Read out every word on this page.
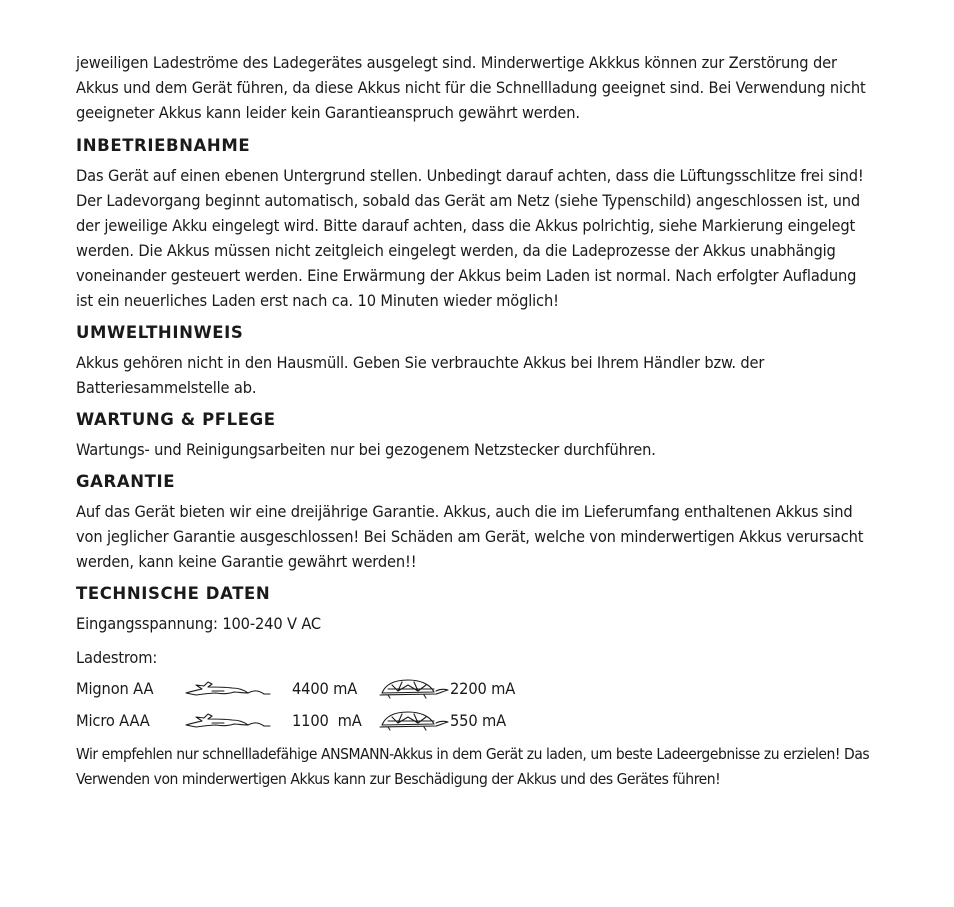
jeweiligen Ladeströme des Ladegerätes ausgelegt sind. Minderwertige Akkkus können zur Zerstörung der Akkus und dem Gerät führen, da diese Akkus nicht für die Schnellladung geeignet sind. Bei Verwendung nicht geeigneter Akkus kann leider kein Garantieanspruch gewährt werden.

INBETRIEBNAHME

Das Gerät auf einen ebenen Untergrund stellen. Unbedingt darauf achten, dass die Lüftungsschlitze frei sind! Der Ladevorgang beginnt automatisch, sobald das Gerät am Netz (siehe Typenschild) angeschlossen ist, und der jeweilige Akku eingelegt wird. Bitte darauf achten, dass die Akkus polrichtig, siehe Markierung eingelegt werden. Die Akkus müssen nicht zeitgleich eingelegt werden, da die Ladeprozesse der Akkus unabhängig voneinander gesteuert werden. Eine Erwärmung der Akkus beim Laden ist normal. Nach erfolgter Aufladung ist ein neuerliches Laden erst nach ca. 10 Minuten wieder möglich!

UMWELTHINWEIS

Akkus gehören nicht in den Hausmüll. Geben Sie verbrauchte Akkus bei Ihrem Händler bzw. der Batteriesammelstelle ab.

WARTUNG & PFLEGE

Wartungs- und Reinigungsarbeiten nur bei gezogenem Netzstecker durchführen.

GARANTIE

Auf das Gerät bieten wir eine dreijährige Garantie. Akkus, auch die im Lieferumfang enthaltenen Akkus sind von jeglicher Garantie ausgeschlossen! Bei Schäden am Gerät, welche von minderwertigen Akkus verursacht werden, kann keine Garantie gewährt werden!!

TECHNISCHE DATEN

Eingangsspannung: 100-240 V AC

Ladestrom:

Mignon AA	4400 mA	2200 mA
Micro AAA	1100  mA	550 mA

Wir empfehlen nur schnellladefähige ANSMANN-Akkus in dem Gerät zu laden, um beste Ladeergebnisse zu erzielen! Das Verwenden von minderwertigen Akkus kann zur Beschädigung der Akkus und des Gerätes führen!
